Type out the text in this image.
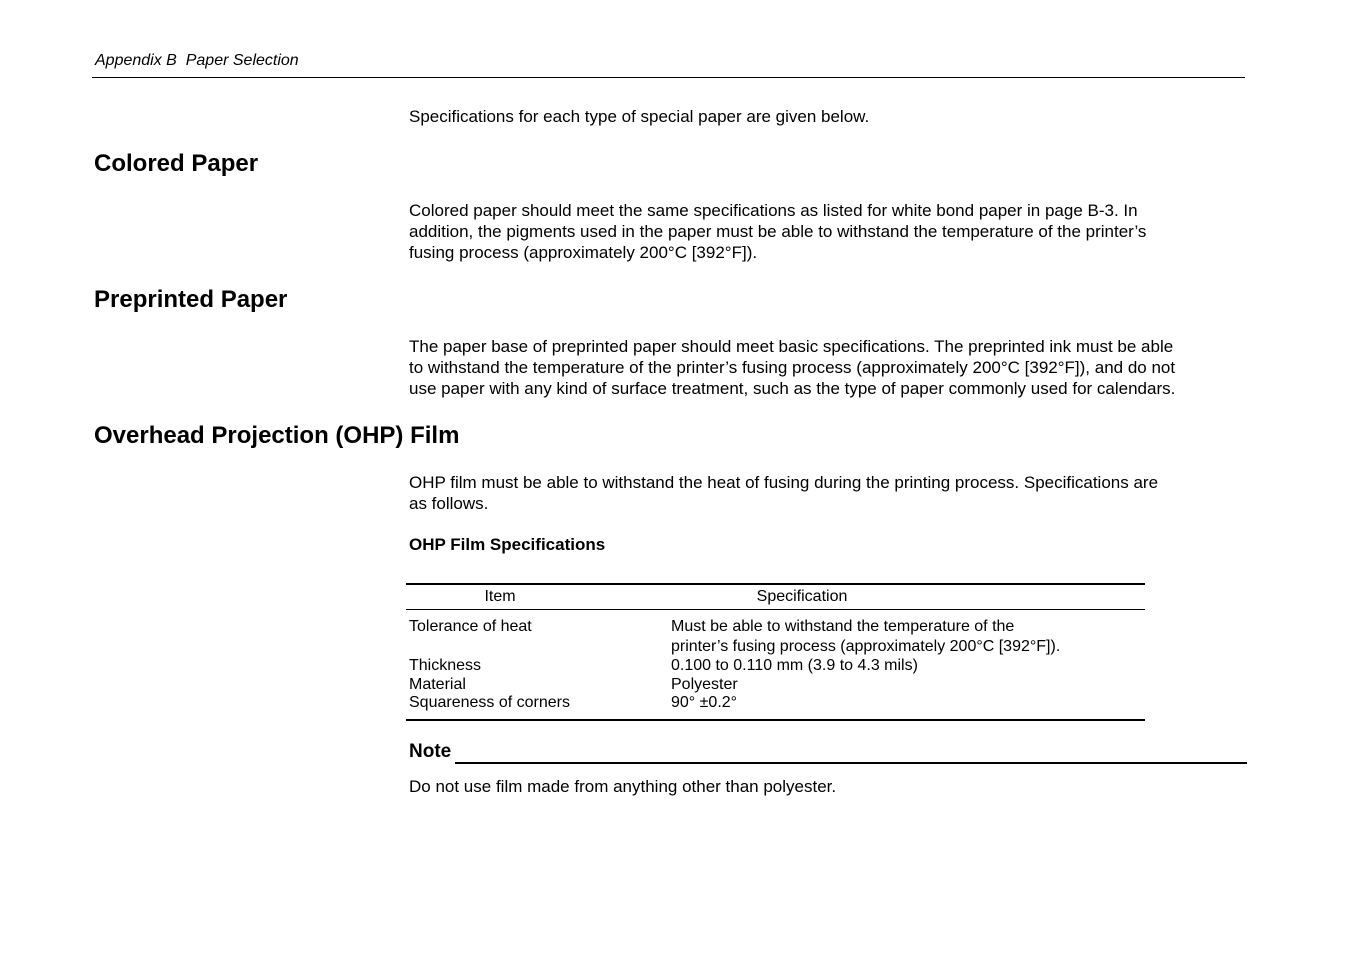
Appendix B  Paper Selection

Specifications for each type of special paper are given below.

Colored Paper

Colored paper should meet the same specifications as listed for white bond paper in page B-3. In
addition, the pigments used in the paper must be able to withstand the temperature of the printer’s
fusing process (approximately 200°C [392°F]).

Preprinted Paper

The paper base of preprinted paper should meet basic specifications. The preprinted ink must be able
to withstand the temperature of the printer’s fusing process (approximately 200°C [392°F]), and do not
use paper with any kind of surface treatment, such as the type of paper commonly used for calendars.

Overhead Projection (OHP) Film

OHP film must be able to withstand the heat of fusing during the printing process. Specifications are
as follows.

OHP Film Specifications
Item	Specification
Tolerance of heat	Must be able to withstand the temperature of the
printer’s fusing process (approximately 200°C [392°F]).
Thickness	0.100 to 0.110 mm (3.9 to 4.3 mils)
Material	Polyester
Squareness of corners	90° ±0.2°
Note
Do not use film made from anything other than polyester.
